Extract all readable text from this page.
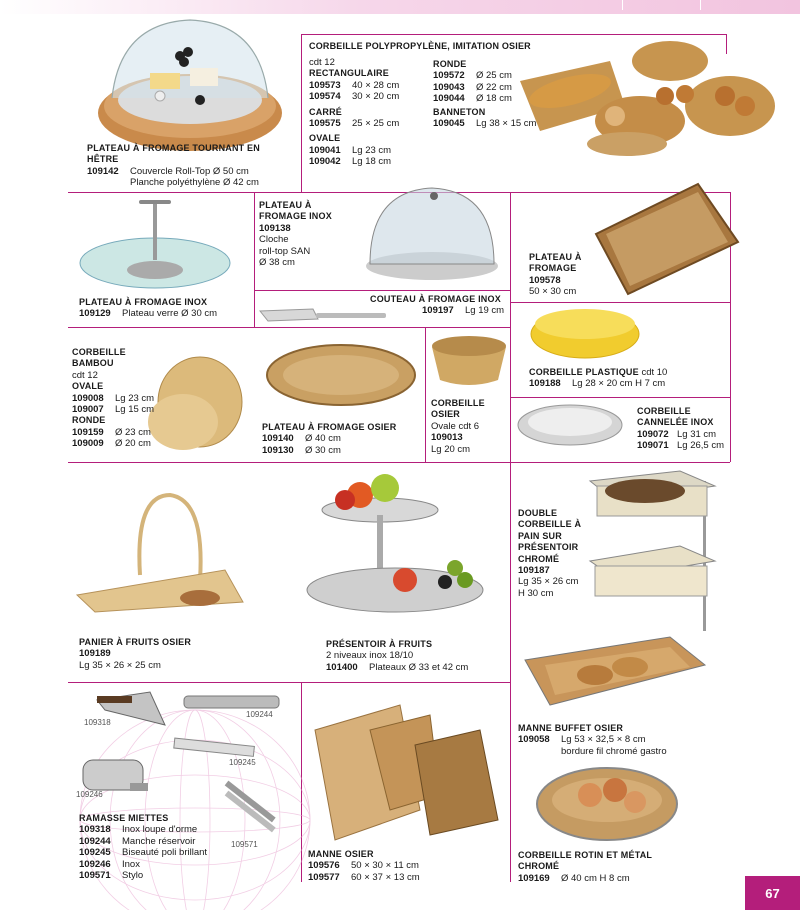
109318
109244
109245
109246
109571
PLATEAU À FROMAGE TOURNANT EN HÊTRE
109142	Couvercle Roll-Top Ø 50 cm
Planche polyéthylène Ø 42 cm
CORBEILLE POLYPROPYLÈNE, IMITATION OSIER
cdt 12
RECTANGULAIRE
109573	40 × 28 cm
109574	30 × 20 cm
CARRÉ
109575	25 × 25 cm
OVALE
109041	Lg 23 cm
109042	Lg 18 cm
RONDE
109572	Ø 25 cm
109043	Ø 22 cm
109044	Ø 18 cm
BANNETON
109045	Lg 38 × 15 cm
PLATEAU À FROMAGE INOX
109129	Plateau verre Ø 30 cm
PLATEAU À FROMAGE INOX
109138
Cloche
roll-top SAN
Ø 38 cm
COUTEAU À FROMAGE INOX
109197	Lg 19 cm
PLATEAU À FROMAGE
109578
50 × 30 cm
CORBEILLE BAMBOU
cdt 12
OVALE
109008	Lg 23 cm
109007	Lg 15 cm
RONDE
109159	Ø 23 cm
109009	Ø 20 cm
PLATEAU À FROMAGE OSIER
109140	Ø 40 cm
109130	Ø 30 cm
CORBEILLE OSIER
Ovale cdt 6
109013
Lg 20 cm
CORBEILLE PLASTIQUE
cdt 10
109188	Lg 28 × 20 cm H 7 cm
CORBEILLE CANNELÉE INOX
109072 Lg 31 cm
109071 Lg 26,5 cm
PANIER À FRUITS OSIER
109189
Lg 35 × 26 × 25 cm
PRÉSENTOIR À FRUITS
2 niveaux inox 18/10
101400	Plateaux Ø 33 et 42 cm
DOUBLE CORBEILLE À PAIN SUR PRÉSENTOIR CHROMÉ
109187
Lg 35 × 26 cm
H 30 cm
RAMASSE MIETTES
109318	Inox loupe d'orme
109244	Manche réservoir
109245	Biseauté poli brillant
109246	Inox
109571	Stylo
MANNE OSIER
109576	50 × 30 × 11 cm
109577	60 × 37 × 13 cm
MANNE BUFFET OSIER
109058	Lg 53 × 32,5 × 8 cm
bordure fil chromé gastro
CORBEILLE ROTIN ET MÉTAL CHROMÉ
109169	Ø 40 cm H 8 cm
67
